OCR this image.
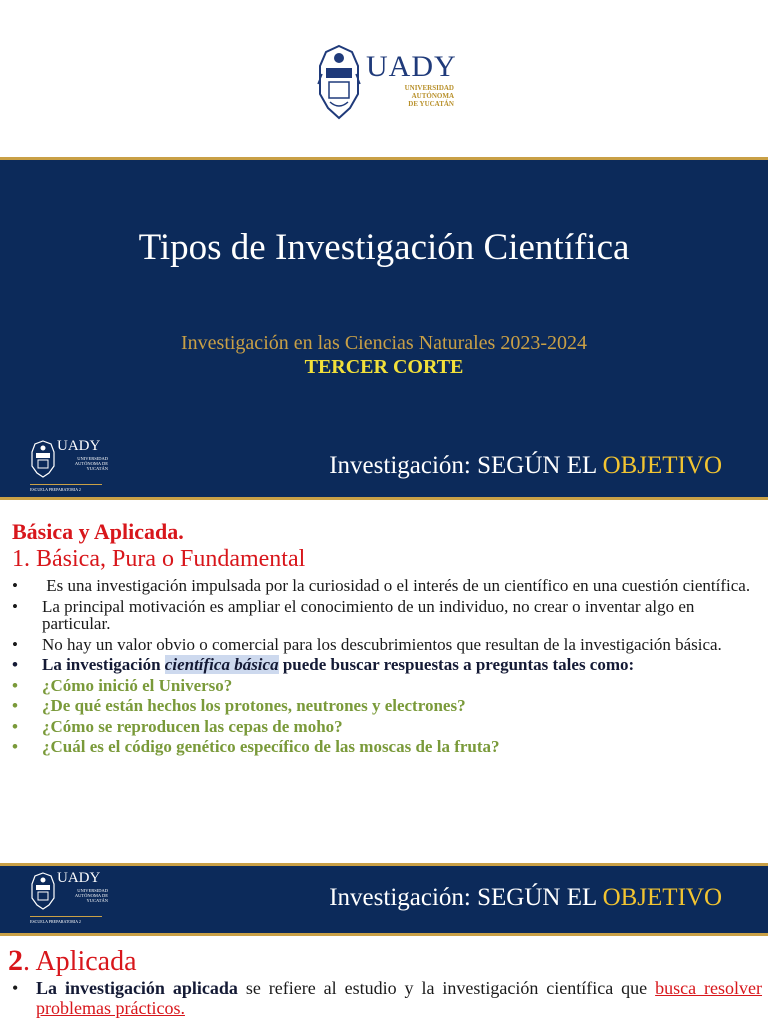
UADY
UNIVERSIDAD
AUTÓNOMA
DE YUCATÁN
Tipos de Investigación Científica
Investigación en las Ciencias Naturales 2023-2024
TERCER CORTE
UADY
UNIVERSIDAD AUTÓNOMA DE YUCATÁN
ESCUELA PREPARATORIA 2
Investigación: SEGÚN EL OBJETIVO
Básica y Aplicada.
1. Básica, Pura o Fundamental
• Es una investigación impulsada por la curiosidad o el interés de un científico en una cuestión científica.
• La principal motivación es ampliar el conocimiento de un individuo, no crear o inventar algo en particular.
• No hay un valor obvio o comercial para los descubrimientos que resultan de la investigación básica.
• La investigación científica básica puede buscar respuestas a preguntas tales como:
• ¿Cómo inició el Universo?
• ¿De qué están hechos los protones, neutrones y electrones?
• ¿Cómo se reproducen las cepas de moho?
• ¿Cuál es el código genético específico de las moscas de la fruta?
UADY
UNIVERSIDAD AUTÓNOMA DE YUCATÁN
ESCUELA PREPARATORIA 2
Investigación: SEGÚN EL OBJETIVO
2. Aplicada
• La investigación aplicada se refiere al estudio y la investigación científica que busca resolver problemas prácticos.
